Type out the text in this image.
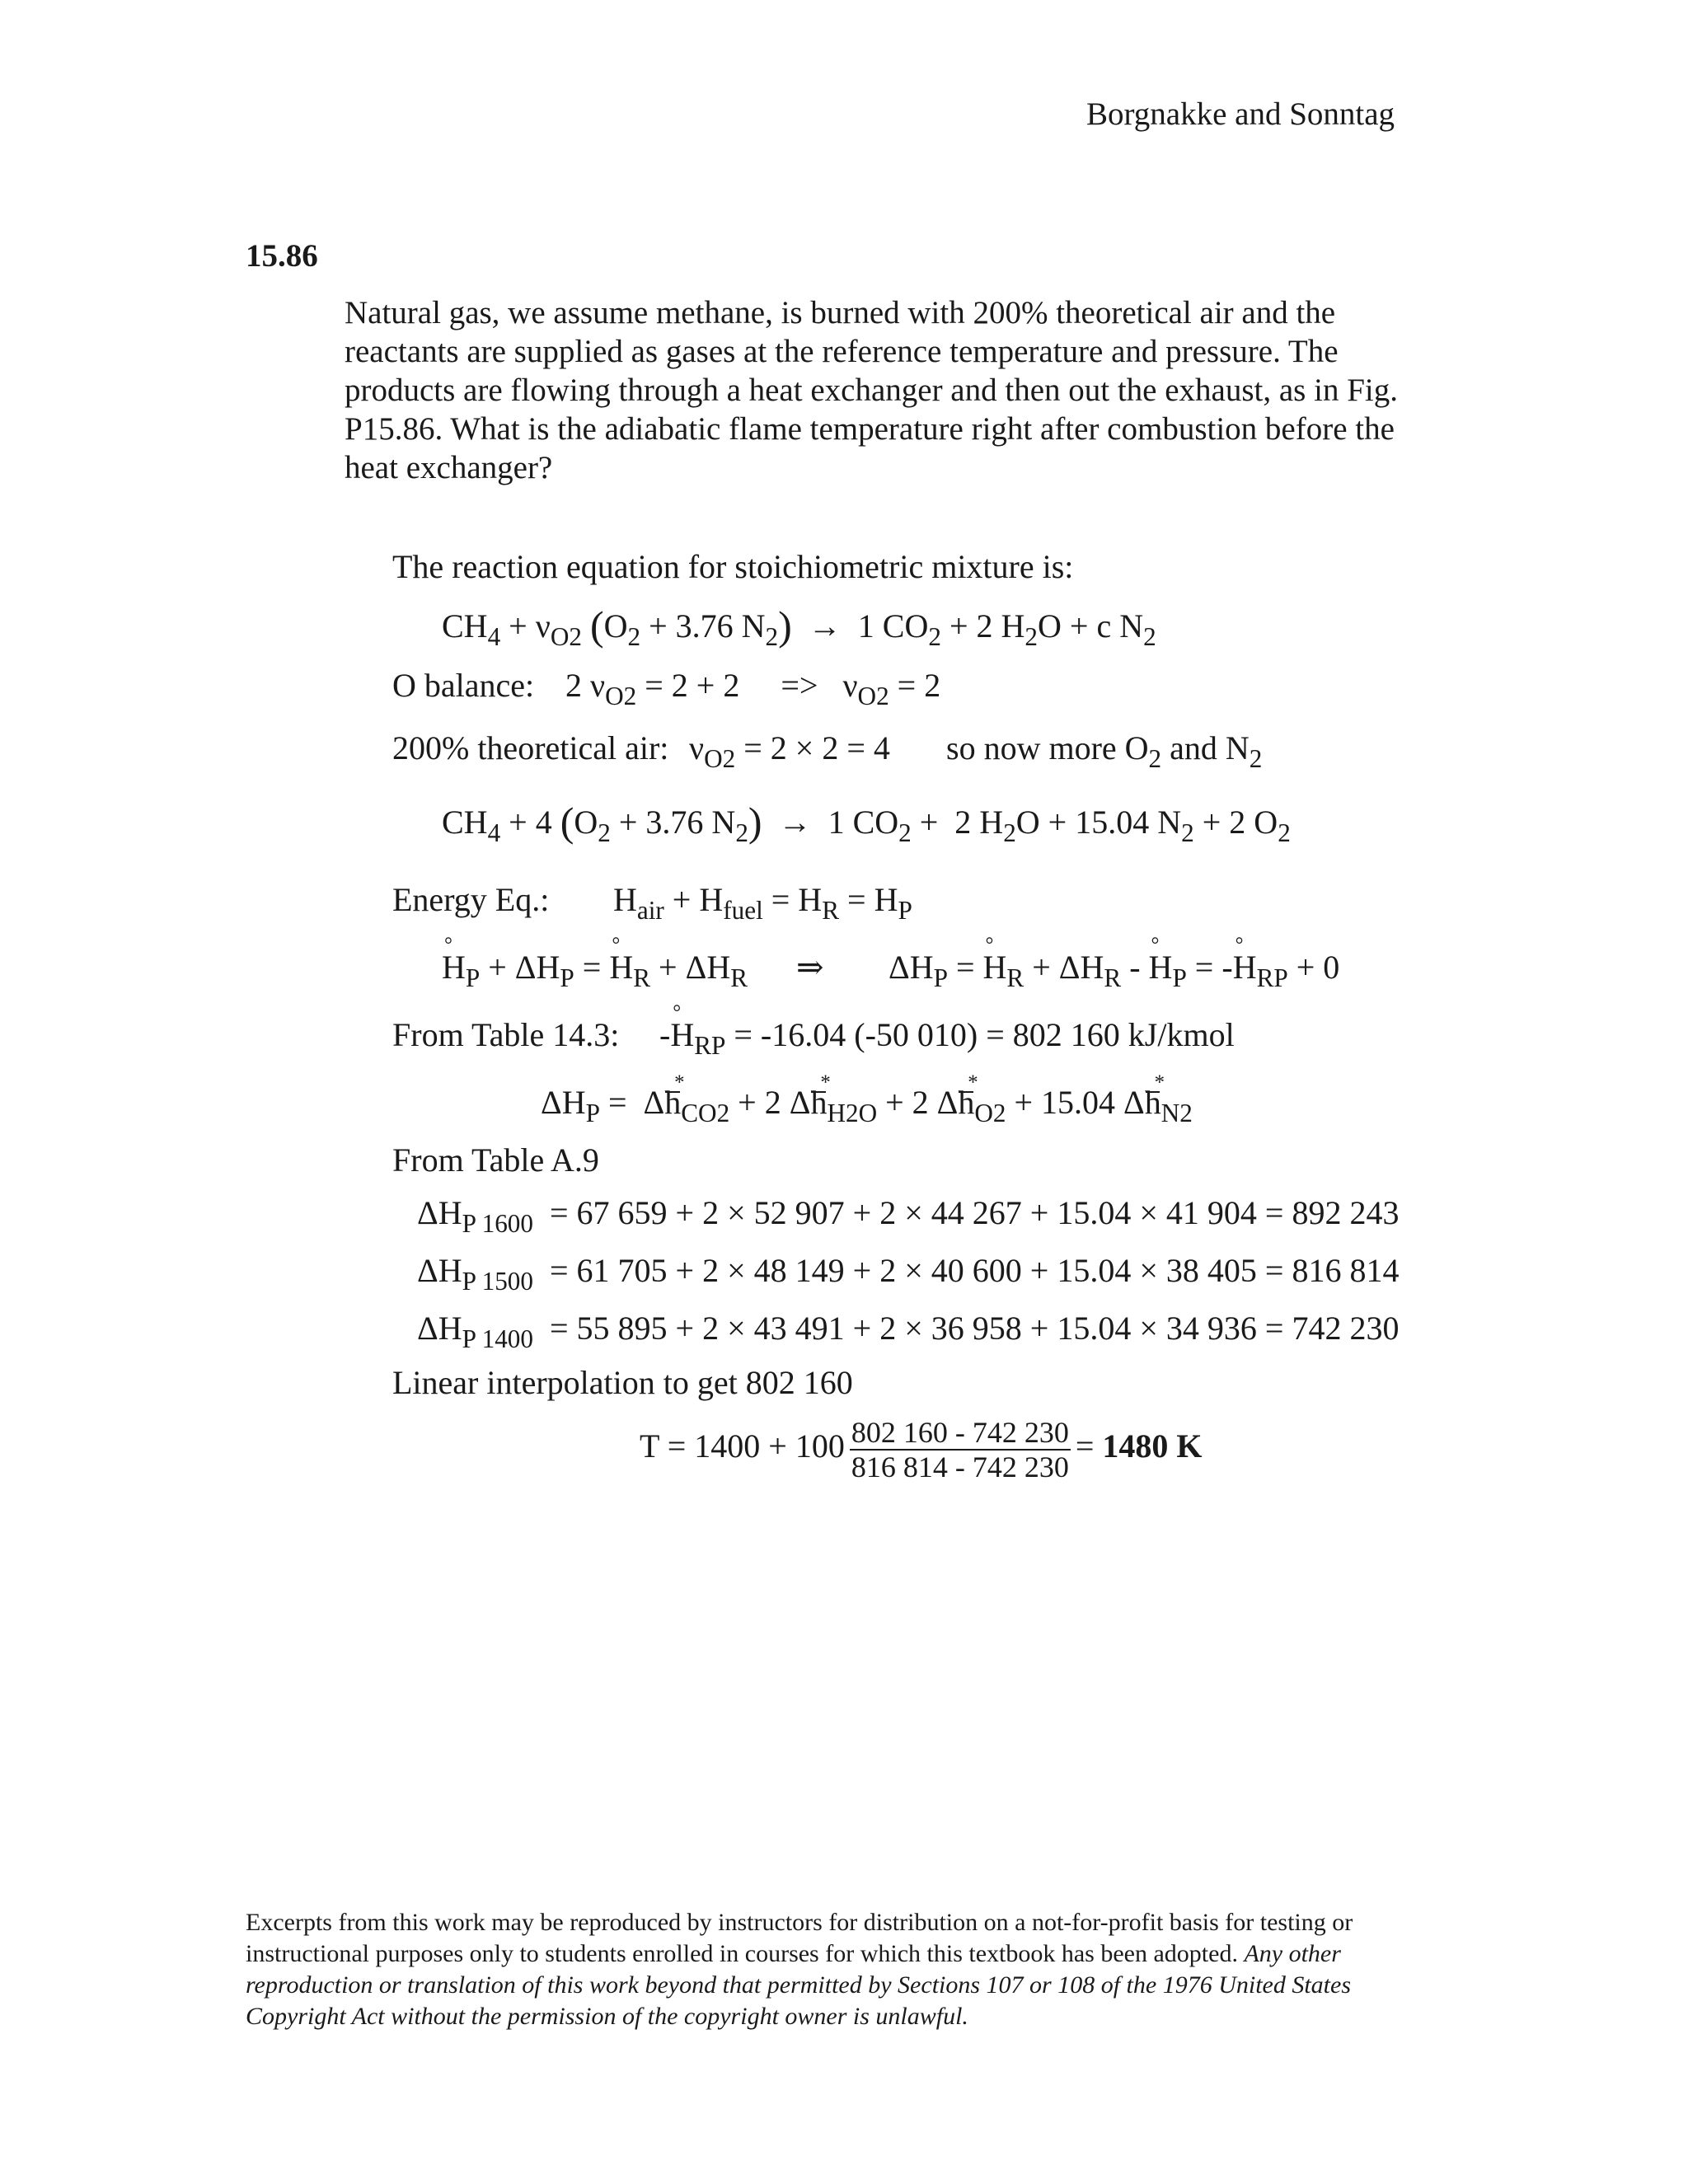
Borgnakke and Sonntag
15.86
Natural gas, we assume methane, is burned with 200% theoretical air and the
reactants are supplied as gases at the reference temperature and pressure. The
products are flowing through a heat exchanger and then out the exhaust, as in Fig.
P15.86. What is the adiabatic flame temperature right after combustion before the
heat exchanger?
The reaction equation for stoichiometric mixture is:
$CH_4 + \nu_{O2}$ ($O_2 + 3.76$ $N_2) \to 1$ $CO_2 + 2$ $H_2O + c$ $N_2$
O balance: 2 $\nu_{O2} = 2 + 2$     =>   $\nu_{O2} = 2$
200% theoretical air: $\nu_{O2} = 2 \times 2 = 4$ so now more $O_2$ and $N_2$
$CH_4 + 4$ ($O_2 + 3.76$ $N_2) \to 1$ $CO_2 + 2$ $H_2O + 15.04$ $N_2 + 2$ $O_2$
Energy Eq.: $H_{air} + H_{fuel} = H_R = H_P$
° $H_P + \Delta H_P$ = ° $H_R + \Delta H_R$ ⇒ $\Delta H_P$ = ° $H_R + \Delta H_R$ - ° $H_P$ = -° $H_{RP} + 0$
From Table 14.3: -° $H_{RP} = -16.04$ (-50 010) = 802 160 kJ/kmol
$\Delta H_P = \Delta h$ $*_{CO2} + 2$ Δh $*_{H2O} + 2$ Δh $*_{O2} + 15.04$ Δh $*_{N2}$
From Table A.9
$\Delta H_{P 1600} = 67$ 659 + 2 × 52 907 + 2 × 44 267 + 15.04 × 41 904 = 892 243
$\Delta H_{P 1500} = 61$ 705 + 2 × 48 149 + 2 × 40 600 + 15.04 × 38 405 = 816 814
$\Delta H_{P 1400} = 55$ 895 + 2 × 43 491 + 2 × 36 958 + 15.04 × 34 936 = 742 230
Linear interpolation to get 802 160
$T = 1400 + 100 \frac{802 160 - 742 230}{816 814 - 742 230} = 1480$ K
Excerpts from this work may be reproduced by instructors for distribution on a not-for-profit basis for testing or instructional purposes only to students enrolled in courses for which this textbook has been adopted. Any other reproduction or translation of this work beyond that permitted by Sections 107 or 108 of the 1976 United States Copyright Act without the permission of the copyright owner is unlawful.
